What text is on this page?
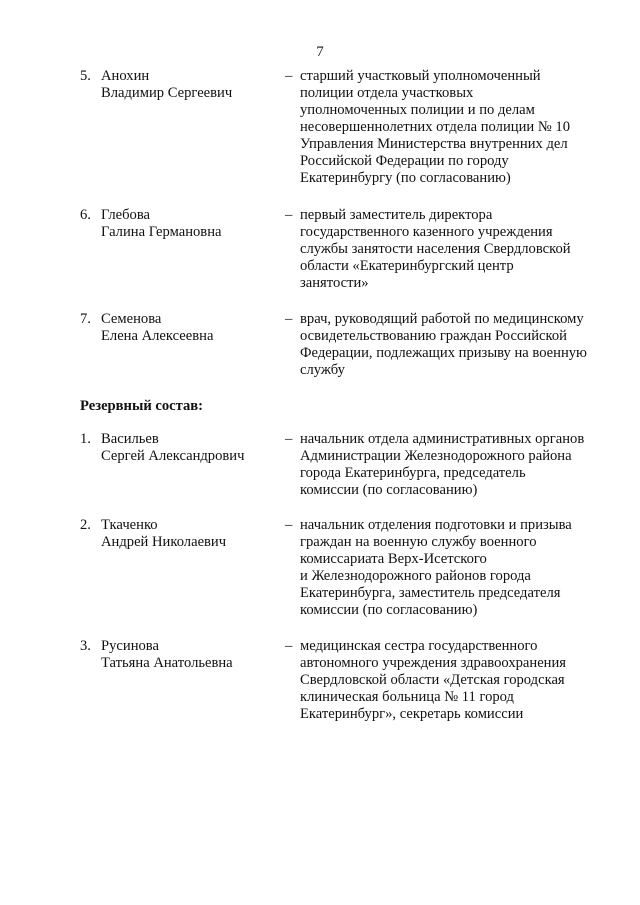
7
5. Анохин
Владимир Сергеевич
– старший участковый уполномоченный
полиции отдела участковых
уполномоченных полиции и по делам
несовершеннолетних отдела полиции № 10
Управления Министерства внутренних дел
Российской Федерации по городу
Екатеринбургу (по согласованию)
6. Глебова
Галина Германовна
– первый заместитель директора
государственного казенного учреждения
службы занятости населения Свердловской
области «Екатеринбургский центр
занятости»
7. Семенова
Елена Алексеевна
– врач, руководящий работой по медицинскому
освидетельствованию граждан Российской
Федерации, подлежащих призыву на военную
службу
Резервный состав:
1. Васильев
Сергей Александрович
– начальник отдела административных органов
Администрации Железнодорожного района
города Екатеринбурга, председатель
комиссии (по согласованию)
2. Ткаченко
Андрей Николаевич
– начальник отделения подготовки и призыва
граждан на военную службу военного
комиссариата Верх-Исетского
и Железнодорожного районов города
Екатеринбурга, заместитель председателя
комиссии (по согласованию)
3. Русинова
Татьяна Анатольевна
– медицинская сестра государственного
автономного учреждения здравоохранения
Свердловской области «Детская городская
клиническая больница № 11 город
Екатеринбург», секретарь комиссии
